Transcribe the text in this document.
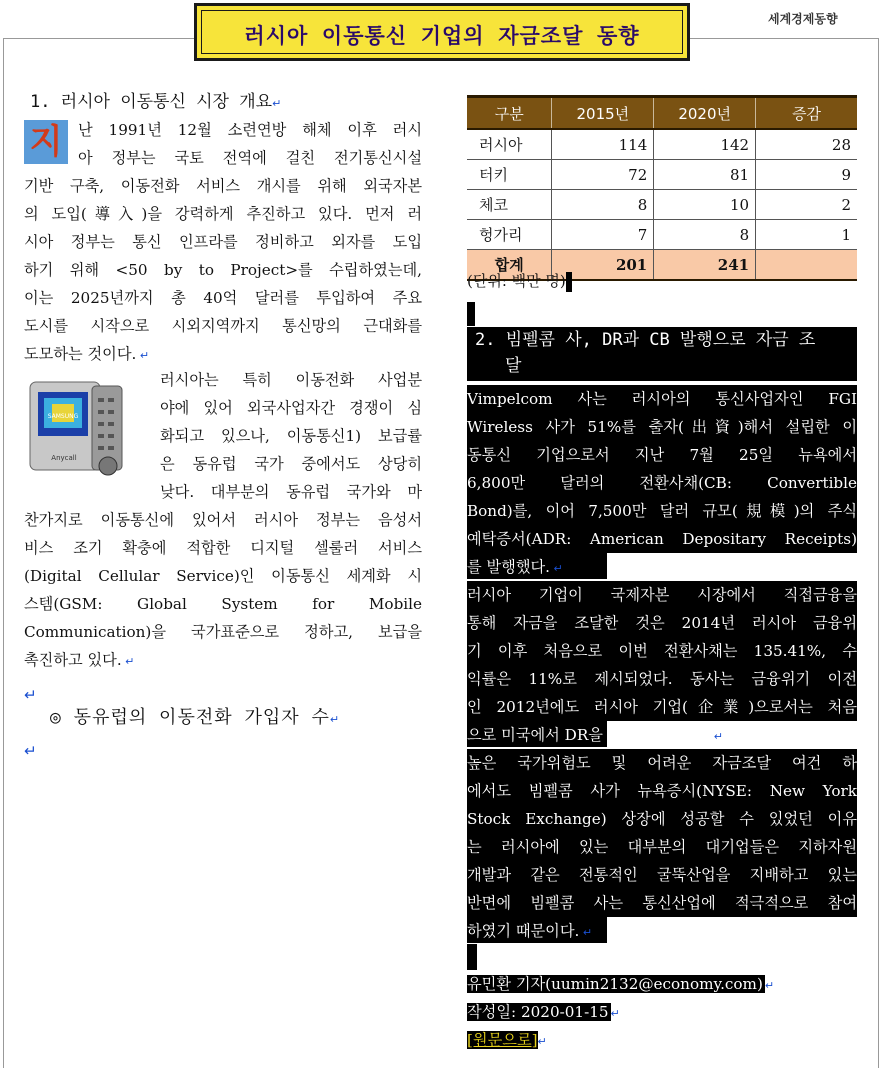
러시아 이동통신 기업의 자금조달 동향
세계경제동향
1. 러시아 이동통신 시장 개요↵
지	난 1991년 12월 소련연방 해체 이후 러시
아 정부는 국토 전역에 걸친 전기통신시설
기반 구축, 이동전화 서비스 개시를 위해 외국자본
의 도입(導入)을 강력하게 추진하고 있다. 먼저 러
시아 정부는 통신 인프라를 정비하고 외자를 도입
하기 위해 <50 by to Project>를 수립하였는데,
이는 2025년까지 총 40억 달러를 투입하여 주요
도시를 시작으로 시외지역까지 통신망의 근대화를
도모하는 것이다. ↵
SAMSUNG
Anycall
러시아는 특히 이동전화 사업분
야에 있어 외국사업자간 경쟁이 심
화되고 있으나, 이동통신1) 보급률
은 동유럽 국가 중에서도 상당히
낮다. 대부분의 동유럽 국가와 마
찬가지로 이동통신에 있어서 러시아 정부는 음성서
비스 조기 확충에 적합한 디지털 셀룰러 서비스
(Digital Cellular Service)인 이동통신 세계화 시
스템(GSM: Global System for Mobile
Communication)을 국가표준으로 정하고, 보급을
촉진하고 있다. ↵
↵
◎ 동유럽의 이동전화 가입자 수↵
↵
구분	2015년	2020년	증감
러시아	114	142	28
터키	72	81	9
체코	8	10	2
헝가리	7	8	1
합계	201	241	
(단위: 백만 명)
2. 빔펠콤 사, DR과 CB 발행으로 자금 조
달
Vimpelcom 사는 러시아의 통신사업자인 FGI
Wireless 사가 51%를 출자(出資)해서 설립한 이
동통신 기업으로서 지난 7월 25일 뉴욕에서
6,800만 달러의 전환사채(CB: Convertible
Bond)를, 이어 7,500만 달러 규모(規模)의 주식
예탁증서(ADR: American Depositary Receipts)
를 발행했다. ↵
러시아 기업이 국제자본 시장에서 직접금융을
통해 자금을 조달한 것은 2014년 러시아 금융위
기 이후 처음으로 이번 전환사채는 135.41%, 수
익률은 11%로 제시되었다. 동사는 금융위기 이전
인 2012년에도 러시아 기업(企業)으로서는 처음
으로 미국에서 DR을 발행한 바 있다. ↵
높은 국가위험도 및 어려운 자금조달 여건 하
에서도 빔펠콤 사가 뉴욕증시(NYSE: New York
Stock Exchange) 상장에 성공할 수 있었던 이유
는 러시아에 있는 대부분의 대기업들은 지하자원
개발과 같은 전통적인 굴뚝산업을 지배하고 있는
반면에 빔펠콤 사는 통신산업에 적극적으로 참여
하였기 때문이다. ↵
유민환 기자(uumin2132@economy.com) ↵
작성일: 2020-01-15 ↵
[원문으로]↵
